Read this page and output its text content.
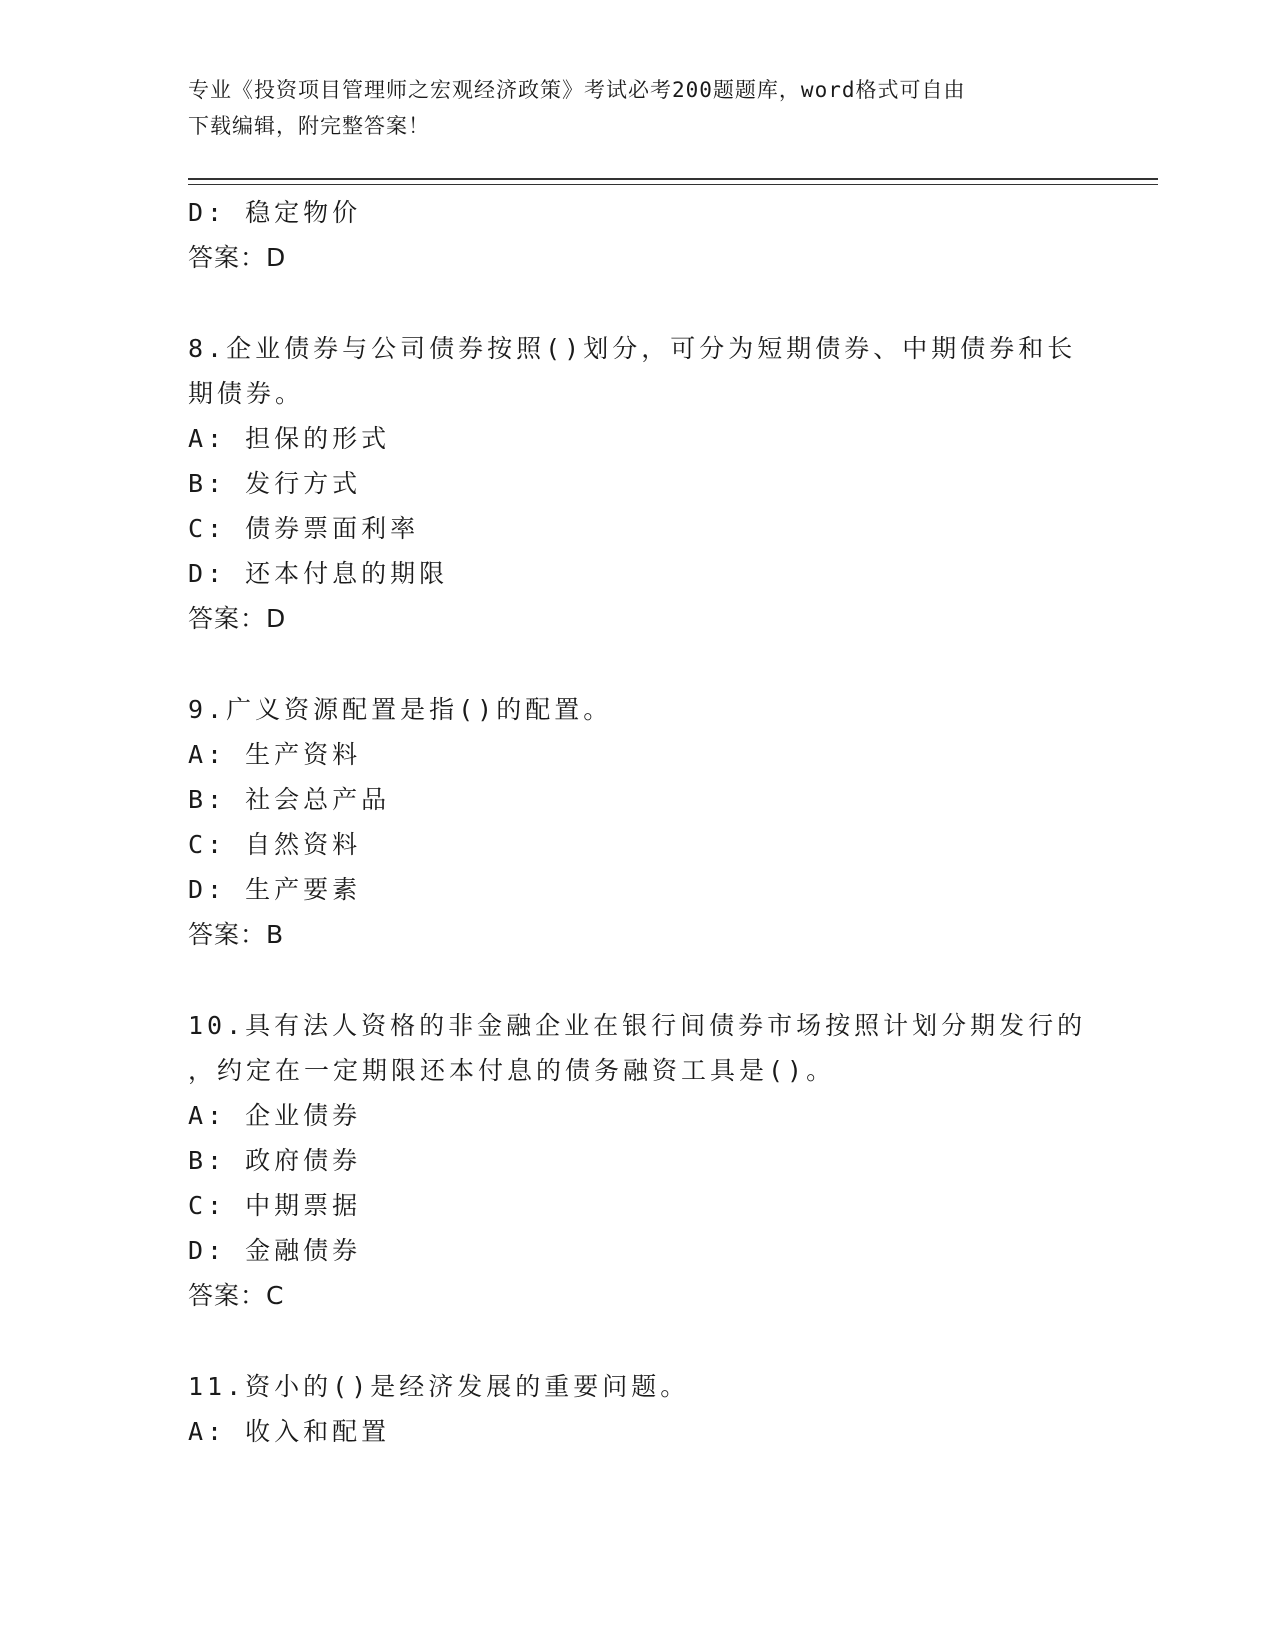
专业《投资项目管理师之宏观经济政策》考试必考200题题库，word格式可自由
下载编辑，附完整答案！
D: 稳定物价
答案：D
8.企业债券与公司债券按照()划分，可分为短期债券、中期债券和长
期债券。
A: 担保的形式
B: 发行方式
C: 债券票面利率
D: 还本付息的期限
答案：D
9.广义资源配置是指()的配置。
A: 生产资料
B: 社会总产品
C: 自然资料
D: 生产要素
答案：B
10.具有法人资格的非金融企业在银行间债券市场按照计划分期发行的
，约定在一定期限还本付息的债务融资工具是()。
A: 企业债券
B: 政府债券
C: 中期票据
D: 金融债券
答案：C
11.资小的()是经济发展的重要问题。
A: 收入和配置
